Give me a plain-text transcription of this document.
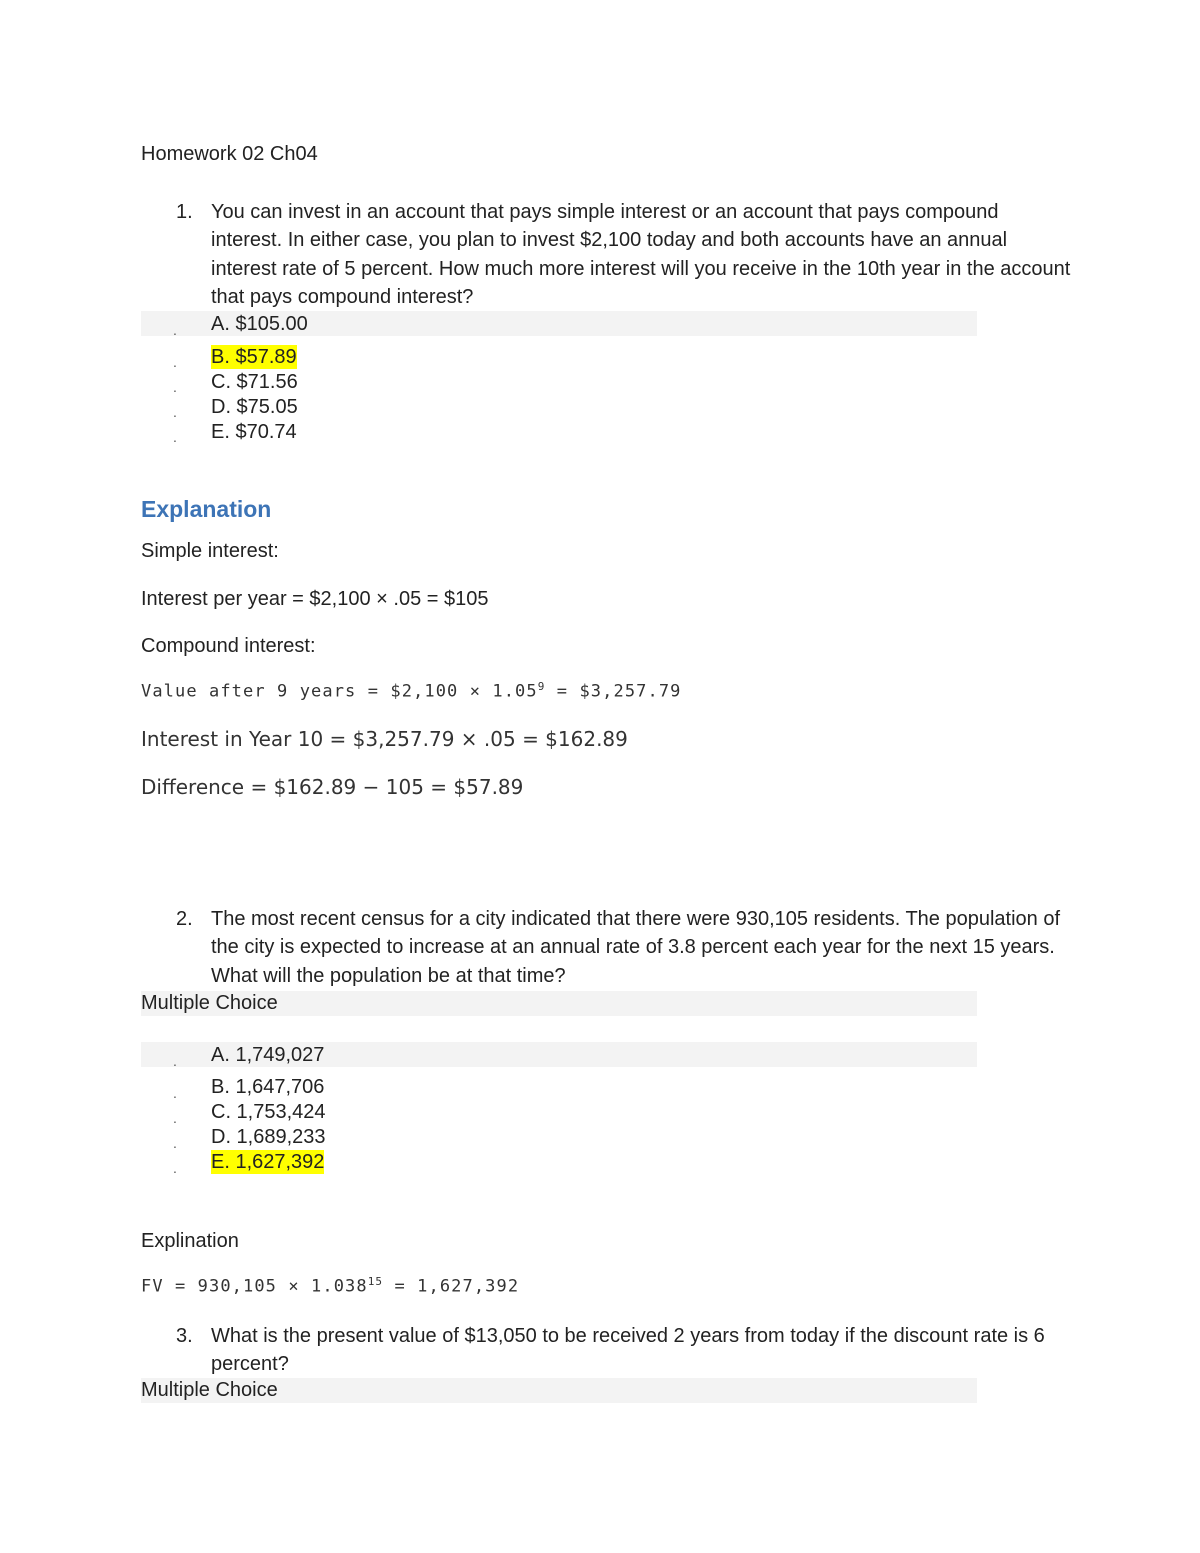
Homework 02 Ch04
1. You can invest in an account that pays simple interest or an account that pays compound interest. In either case, you plan to invest $2,100 today and both accounts have an annual interest rate of 5 percent. How much more interest will you receive in the 10th year in the account that pays compound interest?
. A. $105.00
. B. $57.89
. C. $71.56
. D. $75.05
. E. $70.74
Explanation
Simple interest:
Interest per year = $2,100 × .05 = $105
Compound interest:
Value after 9 years = $2,100 × $1.05^9$ = $3,257.79
Interest in Year 10 = $3,257.79 × .05 = $162.89
Difference = $162.89 − 105 = $57.89
2. The most recent census for a city indicated that there were 930,105 residents. The population of the city is expected to increase at an annual rate of 3.8 percent each year for the next 15 years. What will the population be at that time?
Multiple Choice
. A. 1,749,027
. B. 1,647,706
. C. 1,753,424
. D. 1,689,233
. E. 1,627,392
Explination
FV = $930,105 \times 1.038^{15} = 1,627,392$
3. What is the present value of $13,050 to be received 2 years from today if the discount rate is 6 percent?
Multiple Choice
